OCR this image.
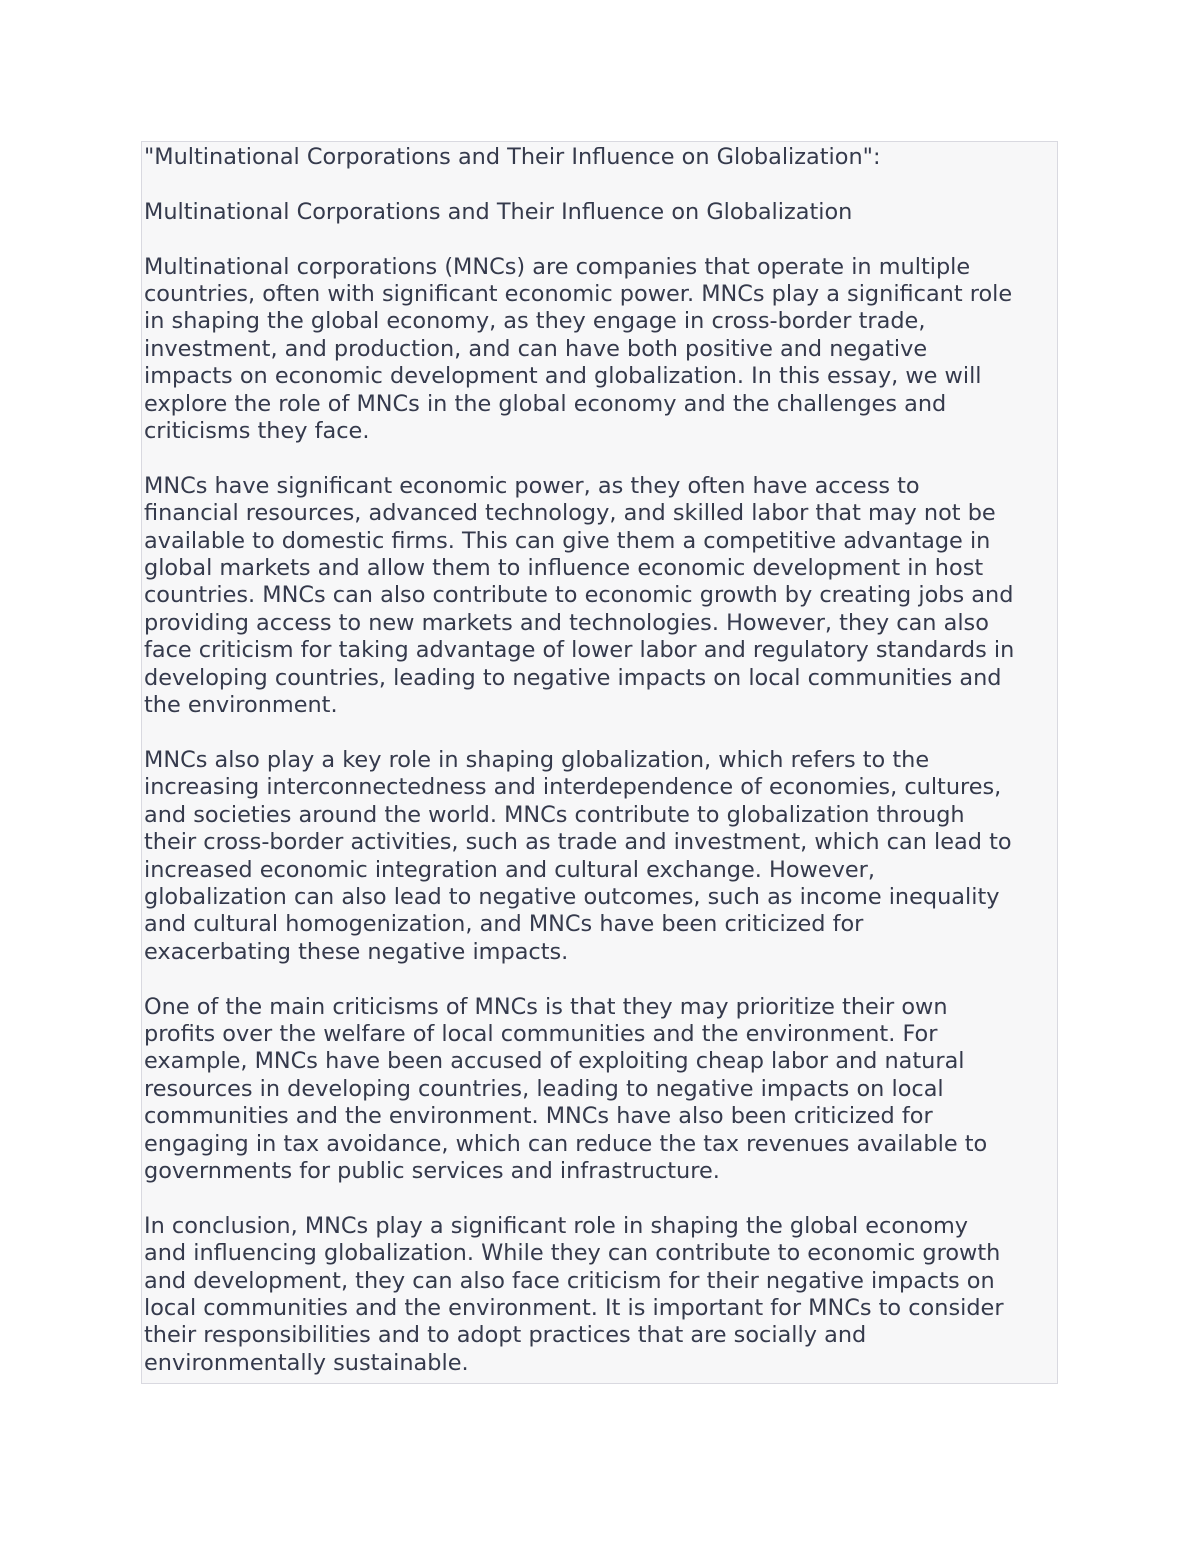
"Multinational Corporations and Their Influence on Globalization":
Multinational Corporations and Their Influence on Globalization
Multinational corporations (MNCs) are companies that operate in multiple
countries, often with significant economic power. MNCs play a significant role
in shaping the global economy, as they engage in cross-border trade,
investment, and production, and can have both positive and negative
impacts on economic development and globalization. In this essay, we will
explore the role of MNCs in the global economy and the challenges and
criticisms they face.
MNCs have significant economic power, as they often have access to
financial resources, advanced technology, and skilled labor that may not be
available to domestic firms. This can give them a competitive advantage in
global markets and allow them to influence economic development in host
countries. MNCs can also contribute to economic growth by creating jobs and
providing access to new markets and technologies. However, they can also
face criticism for taking advantage of lower labor and regulatory standards in
developing countries, leading to negative impacts on local communities and
the environment.
MNCs also play a key role in shaping globalization, which refers to the
increasing interconnectedness and interdependence of economies, cultures,
and societies around the world. MNCs contribute to globalization through
their cross-border activities, such as trade and investment, which can lead to
increased economic integration and cultural exchange. However,
globalization can also lead to negative outcomes, such as income inequality
and cultural homogenization, and MNCs have been criticized for
exacerbating these negative impacts.
One of the main criticisms of MNCs is that they may prioritize their own
profits over the welfare of local communities and the environment. For
example, MNCs have been accused of exploiting cheap labor and natural
resources in developing countries, leading to negative impacts on local
communities and the environment. MNCs have also been criticized for
engaging in tax avoidance, which can reduce the tax revenues available to
governments for public services and infrastructure.
In conclusion, MNCs play a significant role in shaping the global economy
and influencing globalization. While they can contribute to economic growth
and development, they can also face criticism for their negative impacts on
local communities and the environment. It is important for MNCs to consider
their responsibilities and to adopt practices that are socially and
environmentally sustainable.
